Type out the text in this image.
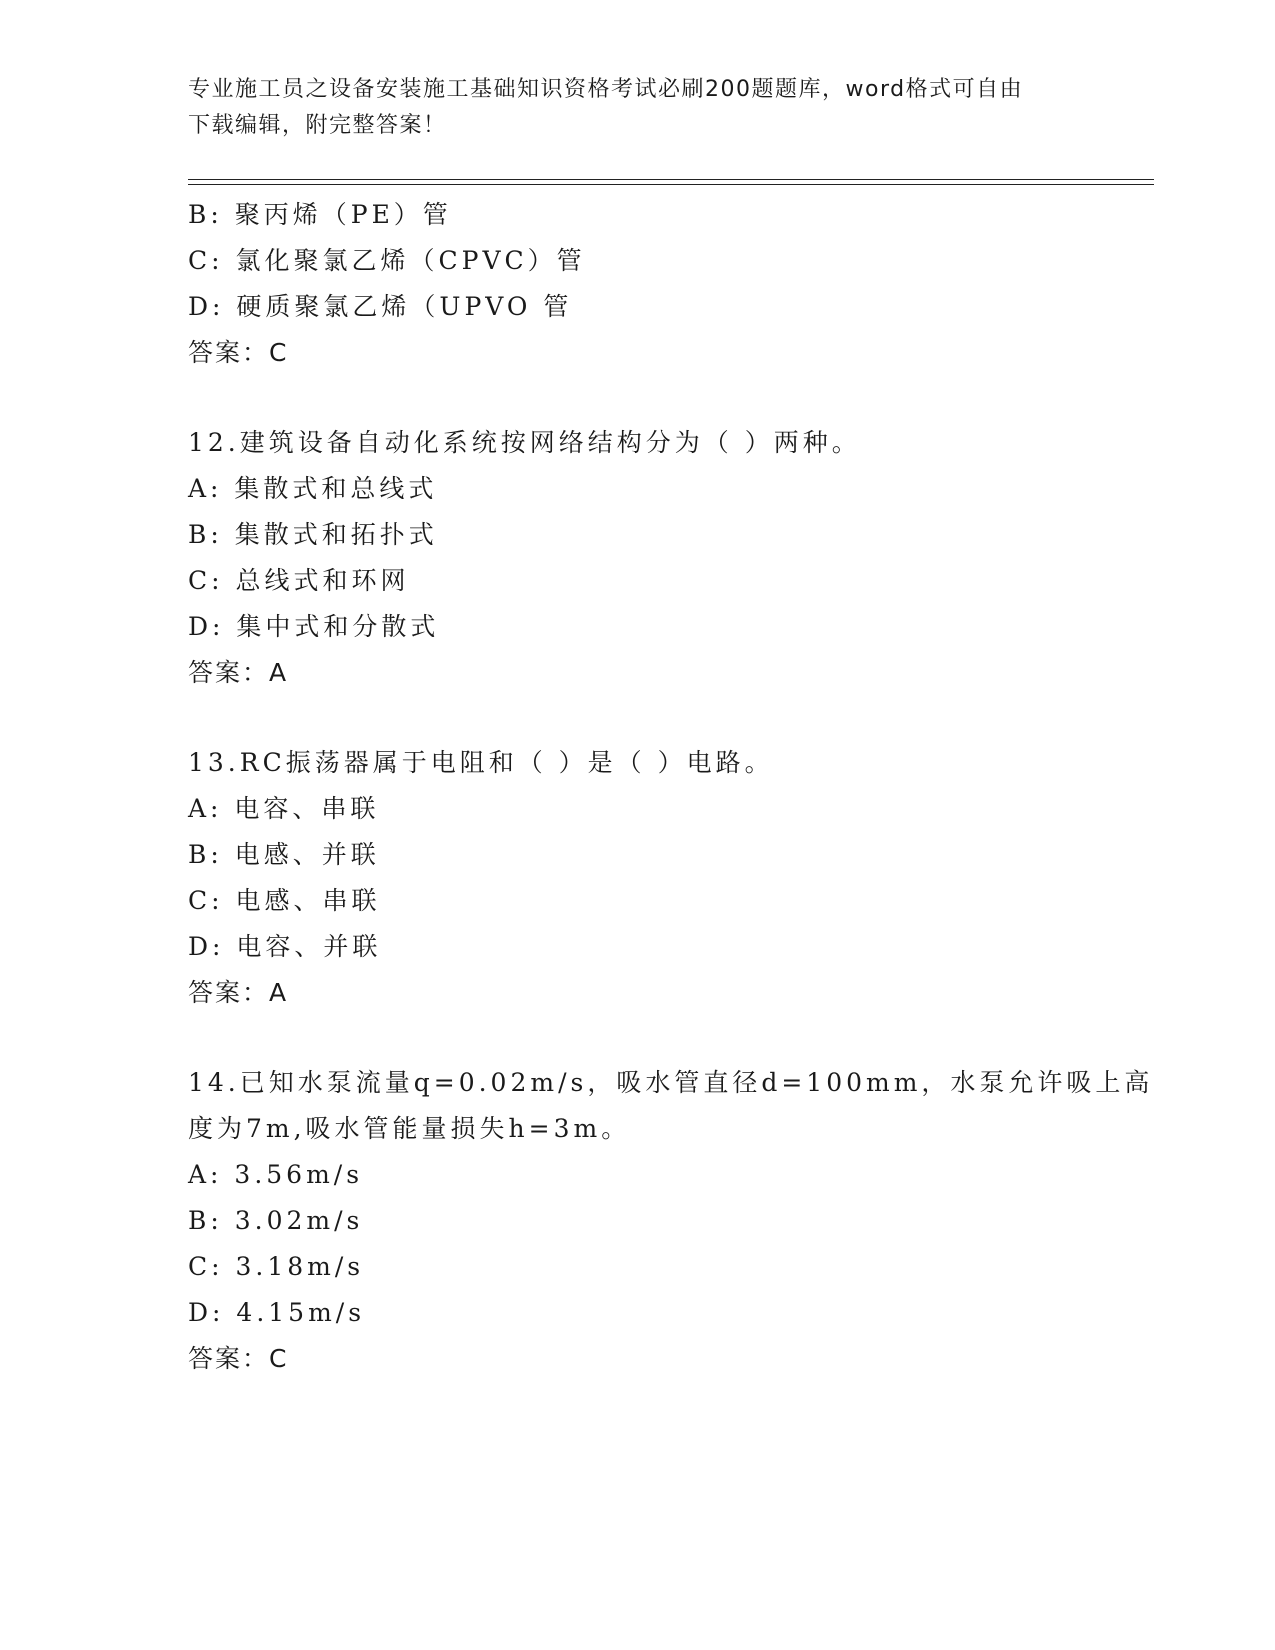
专业施工员之设备安装施工基础知识资格考试必刷200题题库，word格式可自由
下载编辑，附完整答案！
B: 聚丙烯（PE）管
C: 氯化聚氯乙烯（CPVC）管
D: 硬质聚氯乙烯（UPVO 管
答案：C
12.建筑设备自动化系统按网络结构分为（ ）两种。
A: 集散式和总线式
B: 集散式和拓扑式
C: 总线式和环网
D: 集中式和分散式
答案：A
13.RC振荡器属于电阻和（ ）是（ ）电路。
A: 电容、串联
B: 电感、并联
C: 电感、串联
D: 电容、并联
答案：A
14.已知水泵流量q=0.02m/s，吸水管直径d=100mm，水泵允许吸上高
度为7m,吸水管能量损失h=3m。
A: 3.56m/s
B: 3.02m/s
C: 3.18m/s
D: 4.15m/s
答案：C
